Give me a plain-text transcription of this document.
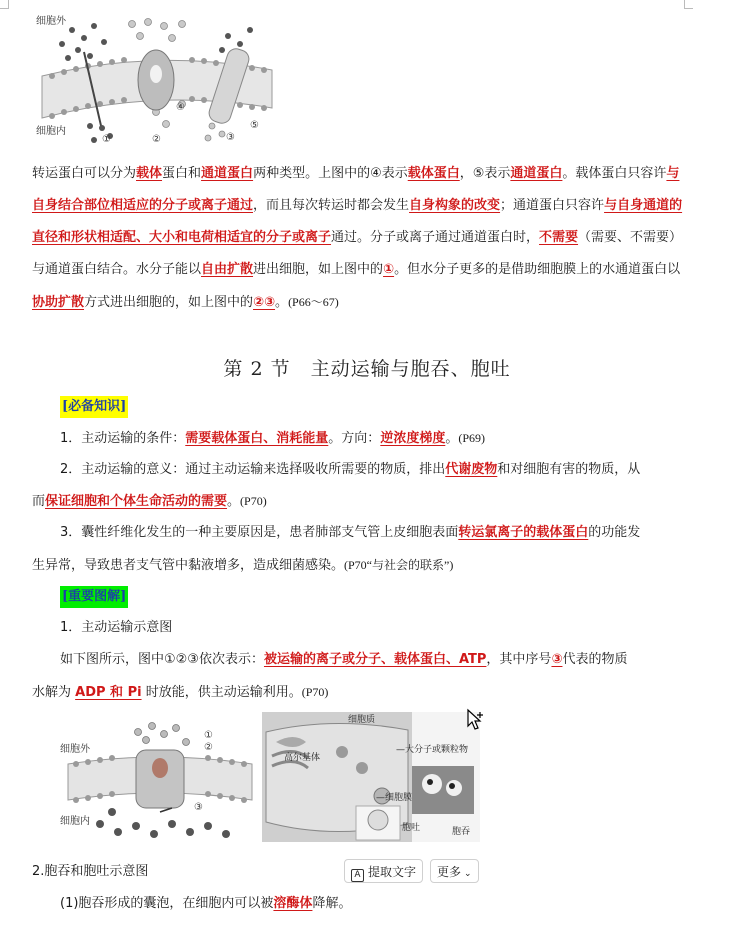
细胞外
细胞内
①	②	③
④
⑤
转运蛋白可以分为载体蛋白和通道蛋白两种类型。上图中的④表示载体蛋白，⑤表示通道蛋白。载体蛋白只容许与自身结合部位相适应的分子或离子通过，而且每次转运时都会发生自身构象的改变；通道蛋白只容许与自身通道的直径和形状相适配、大小和电荷相适宜的分子或离子通过。分子或离子通过通道蛋白时，不需要（需要、不需要）与通道蛋白结合。水分子能以自由扩散进出细胞，如上图中的①。但水分子更多的是借助细胞膜上的水通道蛋白以协助扩散方式进出细胞的，如上图中的②③。(P66～67)
第 2 节　主动运输与胞吞、胞吐
[必备知识]
1．主动运输的条件：需要载体蛋白、消耗能量。方向：逆浓度梯度。(P69)
2．主动运输的意义：通过主动运输来选择吸收所需要的物质，排出代谢废物和对细胞有害的物质，从
而保证细胞和个体生命活动的需要。(P70)
3．囊性纤维化发生的一种主要原因是，患者肺部支气管上皮细胞表面转运氯离子的载体蛋白的功能发
生异常，导致患者支气管中黏液增多，造成细菌感染。(P70“与社会的联系”)
[重要图解]
1．主动运输示意图
如下图所示，图中①②③依次表示：被运输的离子或分子、载体蛋白、ATP，其中序号③代表的物质
水解为 ADP 和 Pi 时放能，供主动运输利用。(P70)
细胞外
细胞内
①
②
③
细胞质
高尔基体
—大分子或颗粒物
—细胞膜
胞吐	胞吞
2.胞吞和胞吐示意图	A 提取文字	更多 ⌄
(1)胞吞形成的囊泡，在细胞内可以被溶酶体降解。
